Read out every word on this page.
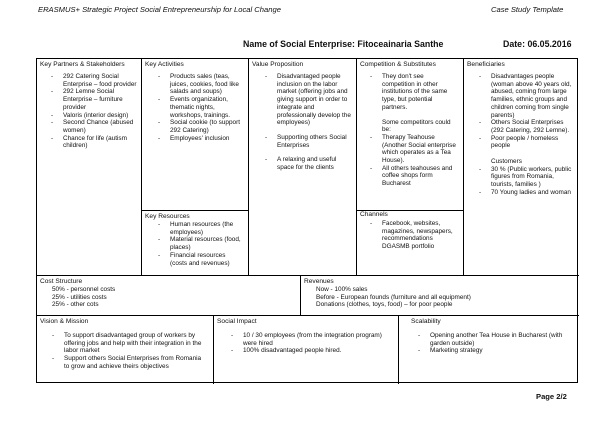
ERASMUS+ Strategic Project Social Entrepreneurship for Local Change	Case Study Template
Name of Social Enterprise: Fitoceainaria Santhe	Date: 06.05.2016
Key Partners & Stakeholders
- 292 Catering Social Enterprise – food provider
- 292 Lemne Social Enterprise – furniture provider
- Valoris (interior design)
- Second Chance (abused women)
- Chance for life (autism children)
Key Activities
- Products sales (teas, juices, cookies, food like salads and soups)
- Events organization, thematic nights, workshops, trainings.
- Social cookie (to support 292 Catering)
- Employees' inclusion
Key Resources
- Human resources (the employees)
- Material resources (food, places)
- Financial resources (costs and revenues)
Value Proposition
- Disadvantaged people inclusion on the labor market (offering jobs and giving support in order to integrate and professionally develop the employees)
- Supporting others Social Enterprises
- A relaxing and useful space for the clients
Competition & Substitutes
- They don't see competition in other institutions of the same type, but potential partners.
Some competitors could be:
- Therapy Teahouse (Another Social enterprise which operates as a Tea House).
- All others teahouses and coffee shops form Bucharest
Channels
- Facebook, websites, magazines, newspapers, recommendations DGASMB portfolio
Beneficiaries
- Disadvantages people (woman above 40 years old, abused, coming from large families, ethnic groups and children coming from single parents)
- Others Social Enterprises (292 Catering, 292 Lemne).
- Poor people / homeless people
Customers
- 30 % (Public workers, public figures from Romania, tourists, families )
- 70 Young ladies and woman
Cost Structure
50% - personnel costs
25% - utilities costs
25% - other cots
Revenues
Now - 100% sales
Before - European founds (furniture and all equipment)
Donations (clothes, toys, food) – for poor people
Vision & Mission
- To support disadvantaged group of workers by offering jobs and help with their integration in the labor market
- Support others Social Enterprises from Romania to grow and achieve theirs objectives
Social Impact
- 10 / 30 employees (from the integration program) were hired
- 100% disadvantaged people hired.
Scalability
- Opening another Tea House in Bucharest (with garden outside)
- Marketing strategy
Page 2/2
